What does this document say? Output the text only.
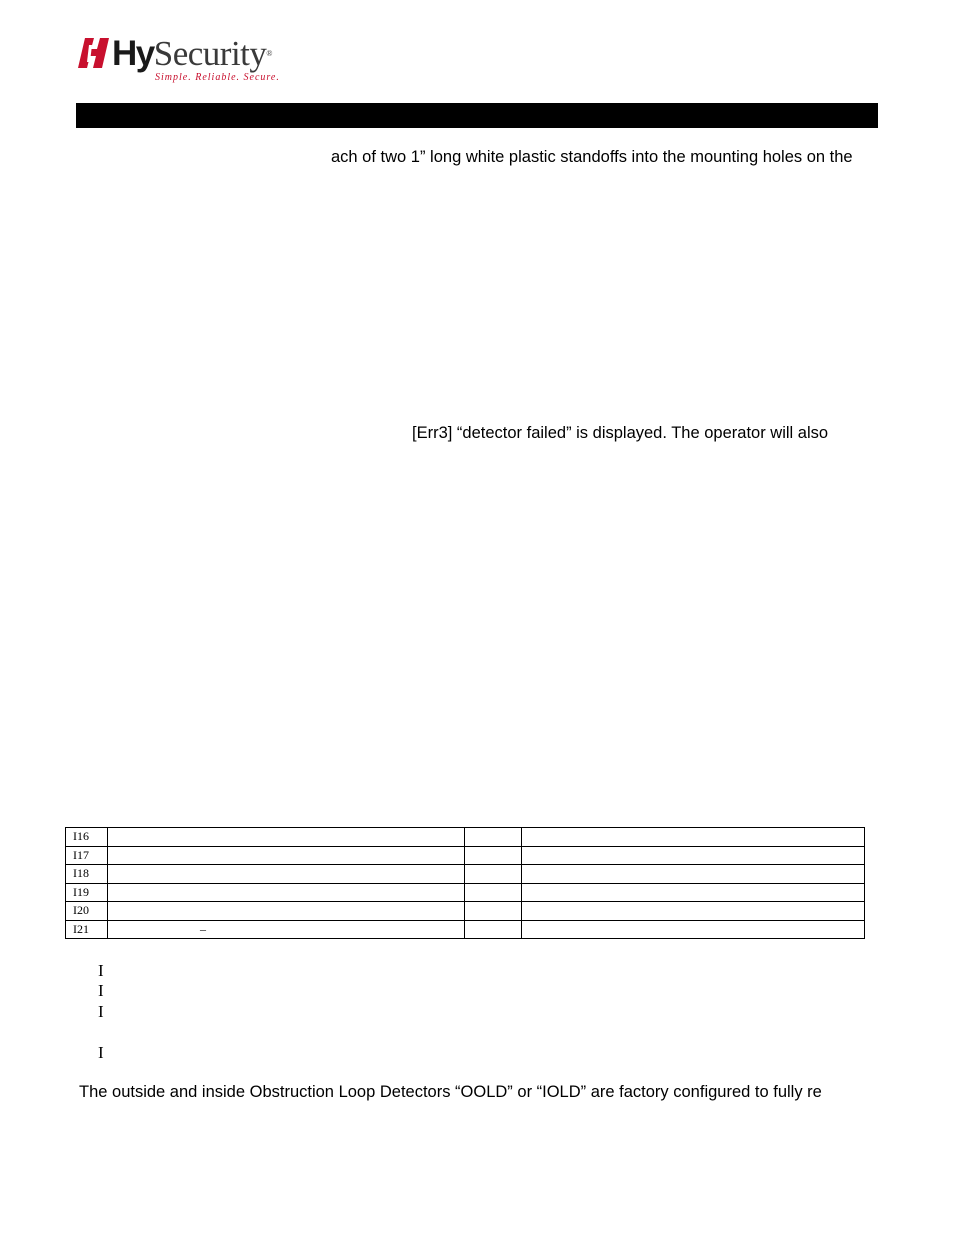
HySecurity®
Simple. Reliable. Secure.
ach of two 1” long white plastic standoffs into the mounting holes on the
[Err3] “detector failed” is displayed. The operator will also
I16			
I17			
I18			
I19			
I20			
I21	–		
I
I
I
I
The outside and inside Obstruction Loop Detectors “OOLD” or “IOLD” are factory configured to fully re
